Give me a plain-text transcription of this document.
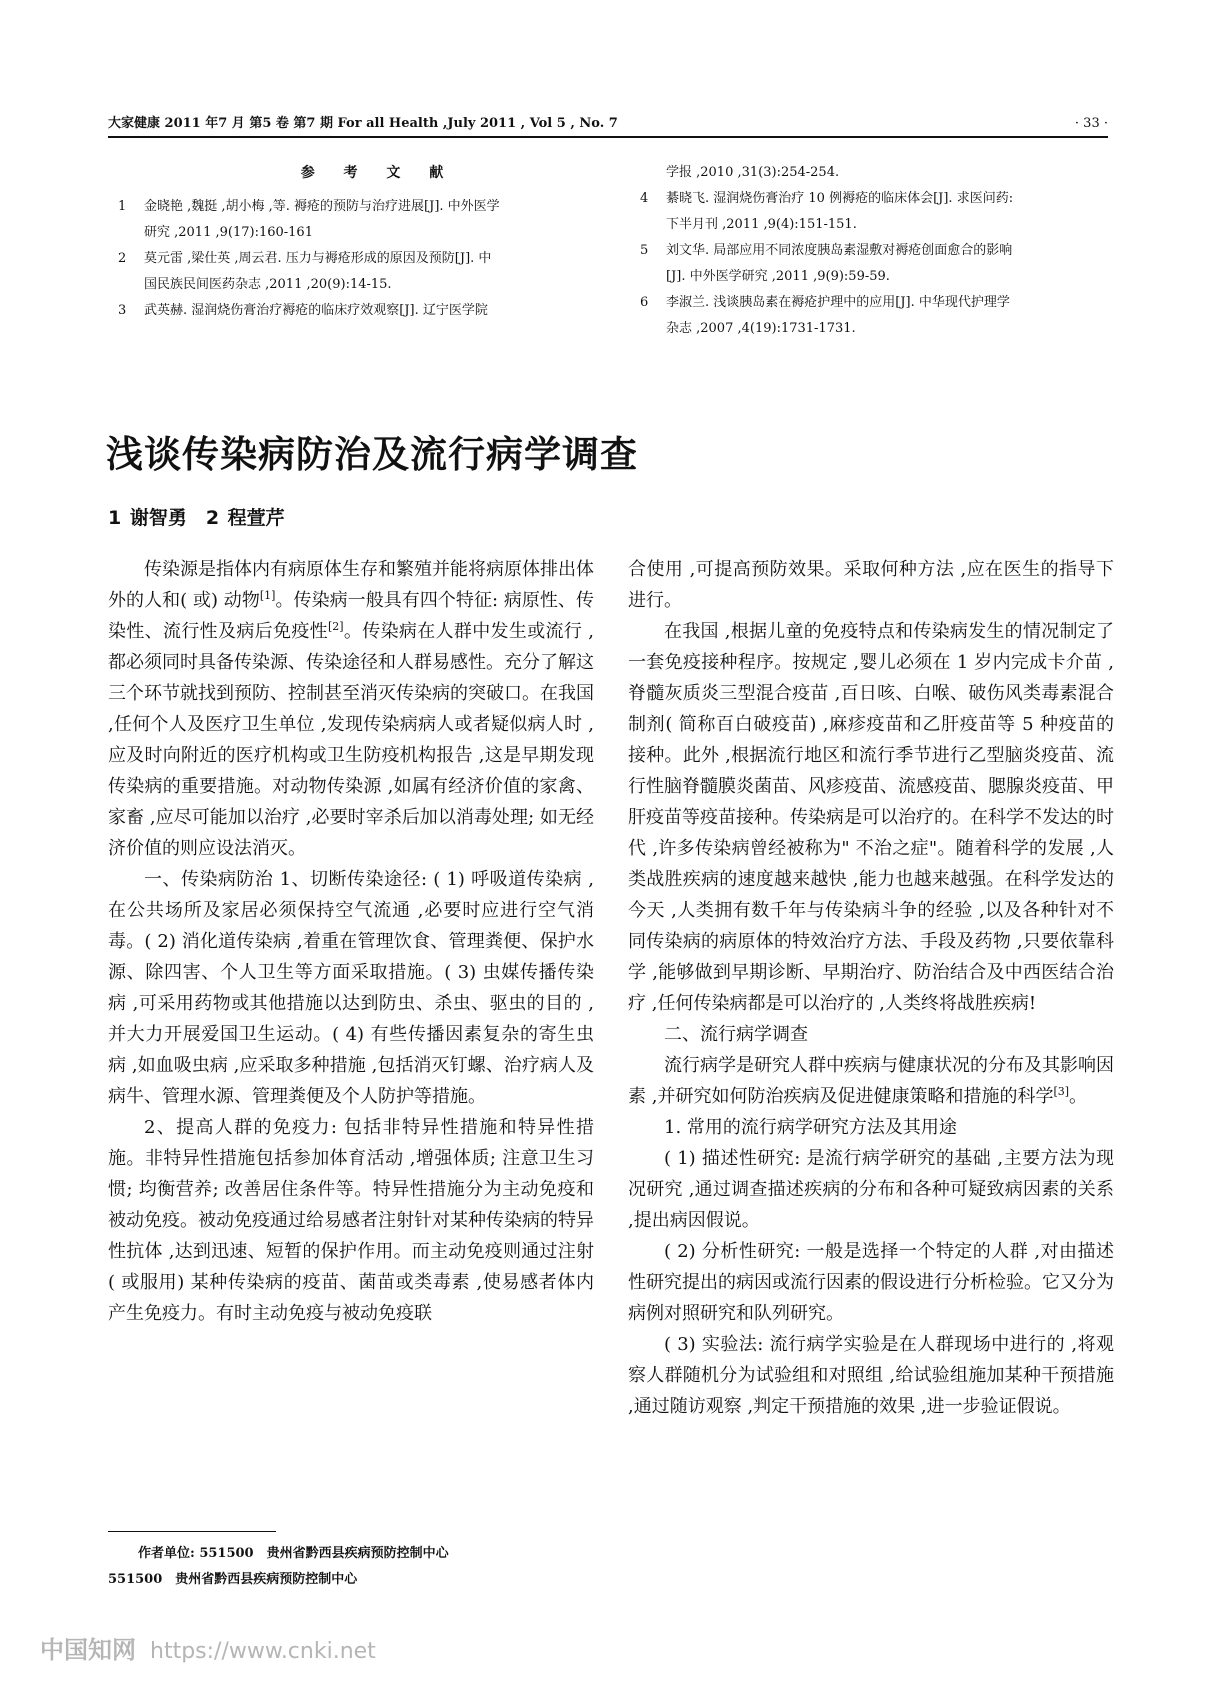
大家健康 2011 年7 月 第5 卷 第7 期 For all Health ,July 2011 , Vol 5 , No. 7	· 33 ·
参 考 文 献
1	金晓艳 ,魏挺 ,胡小梅 ,等. 褥疮的预防与治疗进展[J]. 中外医学
研究 ,2011 ,9(17):160-161
2	莫元雷 ,梁仕英 ,周云君. 压力与褥疮形成的原因及预防[J]. 中
国民族民间医药杂志 ,2011 ,20(9):14-15.
3	武英赫. 湿润烧伤膏治疗褥疮的临床疗效观察[J]. 辽宁医学院
学报 ,2010 ,31(3):254-254.
4	綦晓飞. 湿润烧伤膏治疗 10 例褥疮的临床体会[J]. 求医问药:
下半月刊 ,2011 ,9(4):151-151.
5	刘文华. 局部应用不同浓度胰岛素湿敷对褥疮创面愈合的影响
[J]. 中外医学研究 ,2011 ,9(9):59-59.
6	李淑兰. 浅谈胰岛素在褥疮护理中的应用[J]. 中华现代护理学
杂志 ,2007 ,4(19):1731-1731.
浅谈传染病防治及流行病学调查
1 谢智勇　2 程萱芹

传染源是指体内有病原体生存和繁殖并能将病原体排出体外的人和( 或) 动物[1]。传染病一般具有四个特征: 病原性、传染性、流行性及病后免疫性[2]。传染病在人群中发生或流行 ,都必须同时具备传染源、传染途径和人群易感性。充分了解这三个环节就找到预防、控制甚至消灭传染病的突破口。在我国 ,任何个人及医疗卫生单位 ,发现传染病病人或者疑似病人时 ,应及时向附近的医疗机构或卫生防疫机构报告 ,这是早期发现传染病的重要措施。对动物传染源 ,如属有经济价值的家禽、家畜 ,应尽可能加以治疗 ,必要时宰杀后加以消毒处理; 如无经济价值的则应设法消灭。

一、传染病防治 1、切断传染途径: ( 1) 呼吸道传染病 ,在公共场所及家居必须保持空气流通 ,必要时应进行空气消毒。( 2) 消化道传染病 ,着重在管理饮食、管理粪便、保护水源、除四害、个人卫生等方面采取措施。( 3) 虫媒传播传染病 ,可采用药物或其他措施以达到防虫、杀虫、驱虫的目的 ,并大力开展爱国卫生运动。( 4) 有些传播因素复杂的寄生虫病 ,如血吸虫病 ,应采取多种措施 ,包括消灭钉螺、治疗病人及病牛、管理水源、管理粪便及个人防护等措施。

2、提高人群的免疫力: 包括非特异性措施和特异性措施。非特异性措施包括参加体育活动 ,增强体质; 注意卫生习惯; 均衡营养; 改善居住条件等。特异性措施分为主动免疫和被动免疫。被动免疫通过给易感者注射针对某种传染病的特异性抗体 ,达到迅速、短暂的保护作用。而主动免疫则通过注射( 或服用) 某种传染病的疫苗、菌苗或类毒素 ,使易感者体内产生免疫力。有时主动免疫与被动免疫联

合使用 ,可提高预防效果。采取何种方法 ,应在医生的指导下进行。

在我国 ,根据儿童的免疫特点和传染病发生的情况制定了一套免疫接种程序。按规定 ,婴儿必须在 1 岁内完成卡介苗 ,脊髓灰质炎三型混合疫苗 ,百日咳、白喉、破伤风类毒素混合制剂( 简称百白破疫苗) ,麻疹疫苗和乙肝疫苗等 5 种疫苗的接种。此外 ,根据流行地区和流行季节进行乙型脑炎疫苗、流行性脑脊髓膜炎菌苗、风疹疫苗、流感疫苗、腮腺炎疫苗、甲肝疫苗等疫苗接种。传染病是可以治疗的。在科学不发达的时代 ,许多传染病曾经被称为" 不治之症"。随着科学的发展 ,人类战胜疾病的速度越来越快 ,能力也越来越强。在科学发达的今天 ,人类拥有数千年与传染病斗争的经验 ,以及各种针对不同传染病的病原体的特效治疗方法、手段及药物 ,只要依靠科学 ,能够做到早期诊断、早期治疗、防治结合及中西医结合治疗 ,任何传染病都是可以治疗的 ,人类终将战胜疾病!

二、流行病学调查

流行病学是研究人群中疾病与健康状况的分布及其影响因素 ,并研究如何防治疾病及促进健康策略和措施的科学[3]。

1. 常用的流行病学研究方法及其用途

( 1) 描述性研究: 是流行病学研究的基础 ,主要方法为现况研究 ,通过调查描述疾病的分布和各种可疑致病因素的关系 ,提出病因假说。

( 2) 分析性研究: 一般是选择一个特定的人群 ,对由描述性研究提出的病因或流行因素的假设进行分析检验。它又分为病例对照研究和队列研究。

( 3) 实验法: 流行病学实验是在人群现场中进行的 ,将观察人群随机分为试验组和对照组 ,给试验组施加某种干预措施 ,通过随访观察 ,判定干预措施的效果 ,进一步验证假说。

作者单位: 551500　贵州省黔西县疾病预防控制中心
551500　贵州省黔西县疾病预防控制中心
中国知网 https://www.cnki.net
